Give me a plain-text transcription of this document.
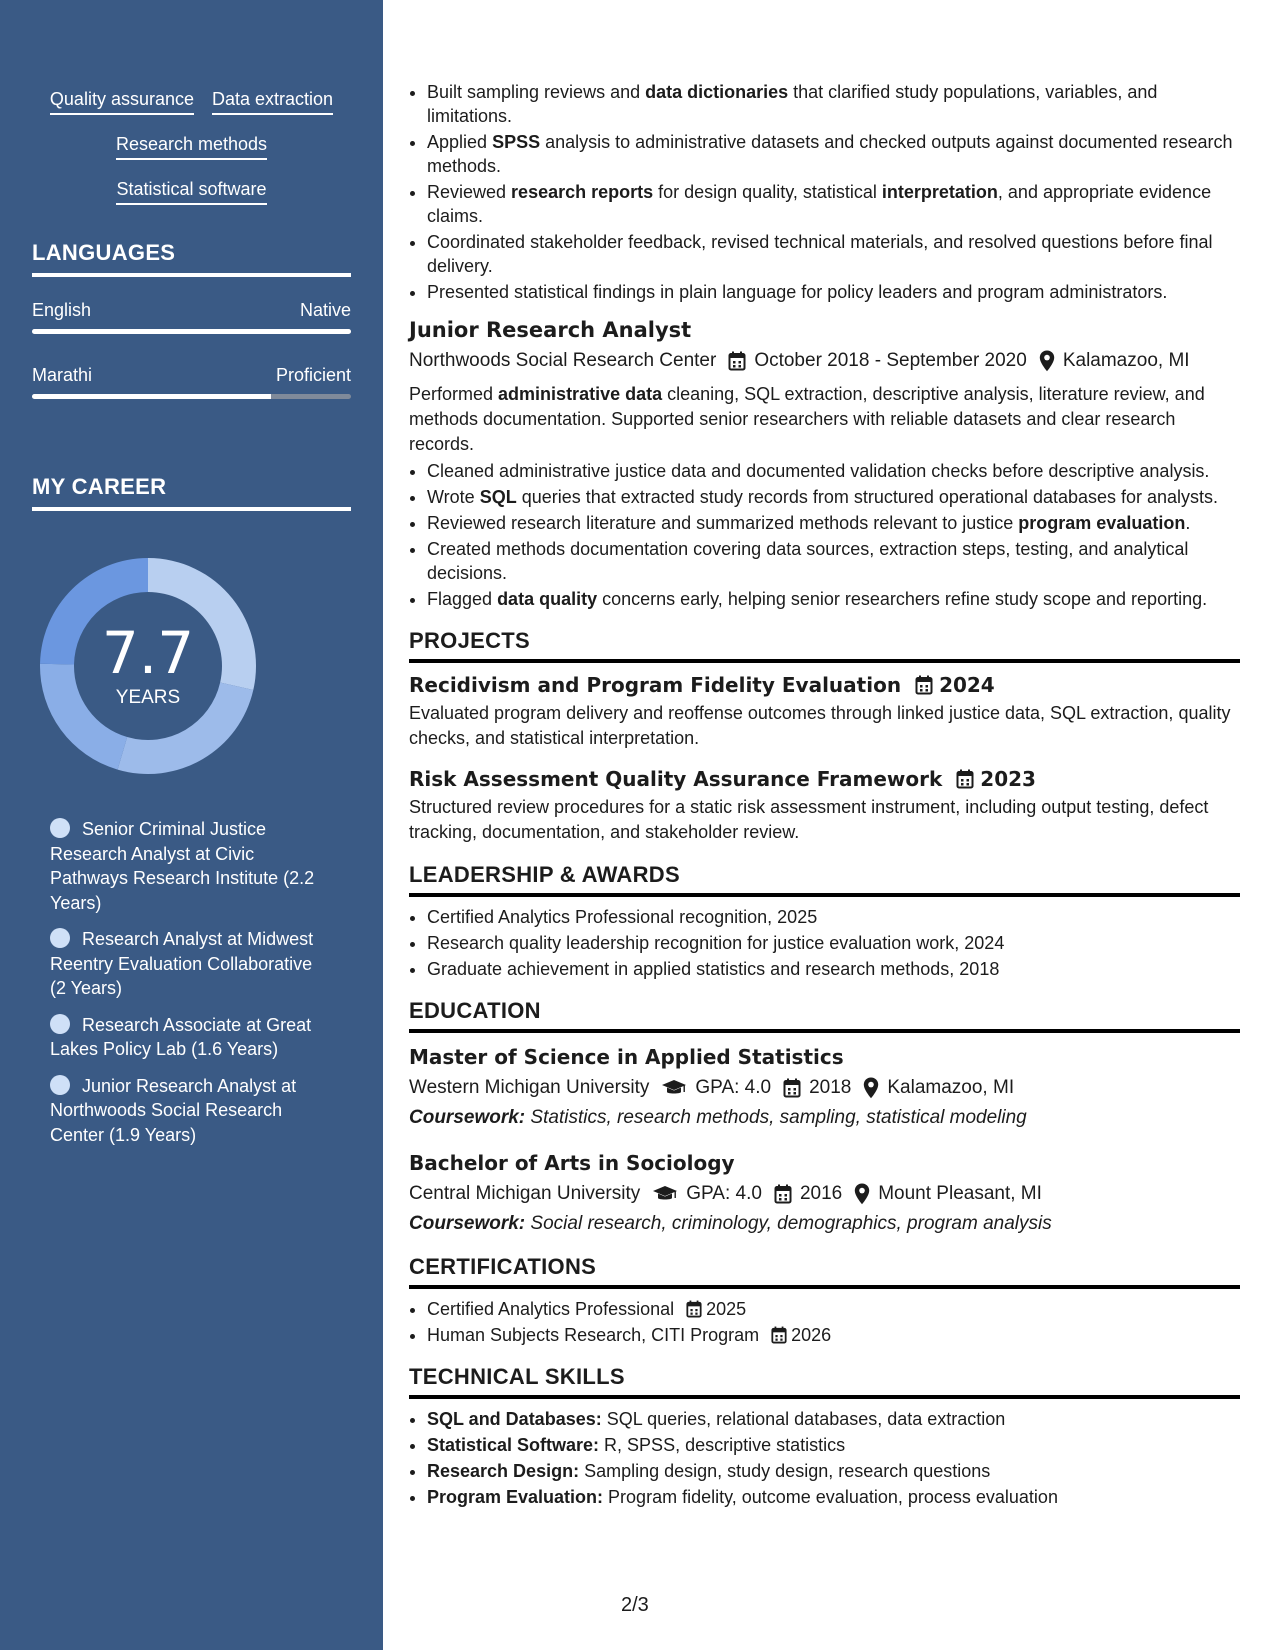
Quality assurance Data extraction
Research methods
Statistical software
LANGUAGES
English	Native
Marathi	Proficient
MY CAREER
7.7
YEARS
Senior Criminal Justice Research Analyst at Civic Pathways Research Institute (2.2 Years)
Research Analyst at Midwest Reentry Evaluation Collaborative (2 Years)
Research Associate at Great Lakes Policy Lab (1.6 Years)
Junior Research Analyst at Northwoods Social Research Center (1.9 Years)
• Built sampling reviews and data dictionaries that clarified study populations, variables, and limitations.
• Applied SPSS analysis to administrative datasets and checked outputs against documented research methods.
• Reviewed research reports for design quality, statistical interpretation, and appropriate evidence claims.
• Coordinated stakeholder feedback, revised technical materials, and resolved questions before final delivery.
• Presented statistical findings in plain language for policy leaders and program administrators.
Junior Research Analyst
Northwoods Social Research Center October 2018 - September 2020 Kalamazoo, MI
Performed administrative data cleaning, SQL extraction, descriptive analysis, literature review, and methods documentation. Supported senior researchers with reliable datasets and clear research records.
• Cleaned administrative justice data and documented validation checks before descriptive analysis.
• Wrote SQL queries that extracted study records from structured operational databases for analysts.
• Reviewed research literature and summarized methods relevant to justice program evaluation.
• Created methods documentation covering data sources, extraction steps, testing, and analytical decisions.
• Flagged data quality concerns early, helping senior researchers refine study scope and reporting.
PROJECTS
Recidivism and Program Fidelity Evaluation 2024
Evaluated program delivery and reoffense outcomes through linked justice data, SQL extraction, quality checks, and statistical interpretation.
Risk Assessment Quality Assurance Framework 2023
Structured review procedures for a static risk assessment instrument, including output testing, defect tracking, documentation, and stakeholder review.
LEADERSHIP & AWARDS
• Certified Analytics Professional recognition, 2025
• Research quality leadership recognition for justice evaluation work, 2024
• Graduate achievement in applied statistics and research methods, 2018
EDUCATION
Master of Science in Applied Statistics
Western Michigan University GPA: 4.0 2018 Kalamazoo, MI
Coursework: Statistics, research methods, sampling, statistical modeling
Bachelor of Arts in Sociology
Central Michigan University GPA: 4.0 2016 Mount Pleasant, MI
Coursework: Social research, criminology, demographics, program analysis
CERTIFICATIONS
• Certified Analytics Professional 2025
• Human Subjects Research, CITI Program 2026
TECHNICAL SKILLS
• SQL and Databases: SQL queries, relational databases, data extraction
• Statistical Software: R, SPSS, descriptive statistics
• Research Design: Sampling design, study design, research questions
• Program Evaluation: Program fidelity, outcome evaluation, process evaluation
2/3
